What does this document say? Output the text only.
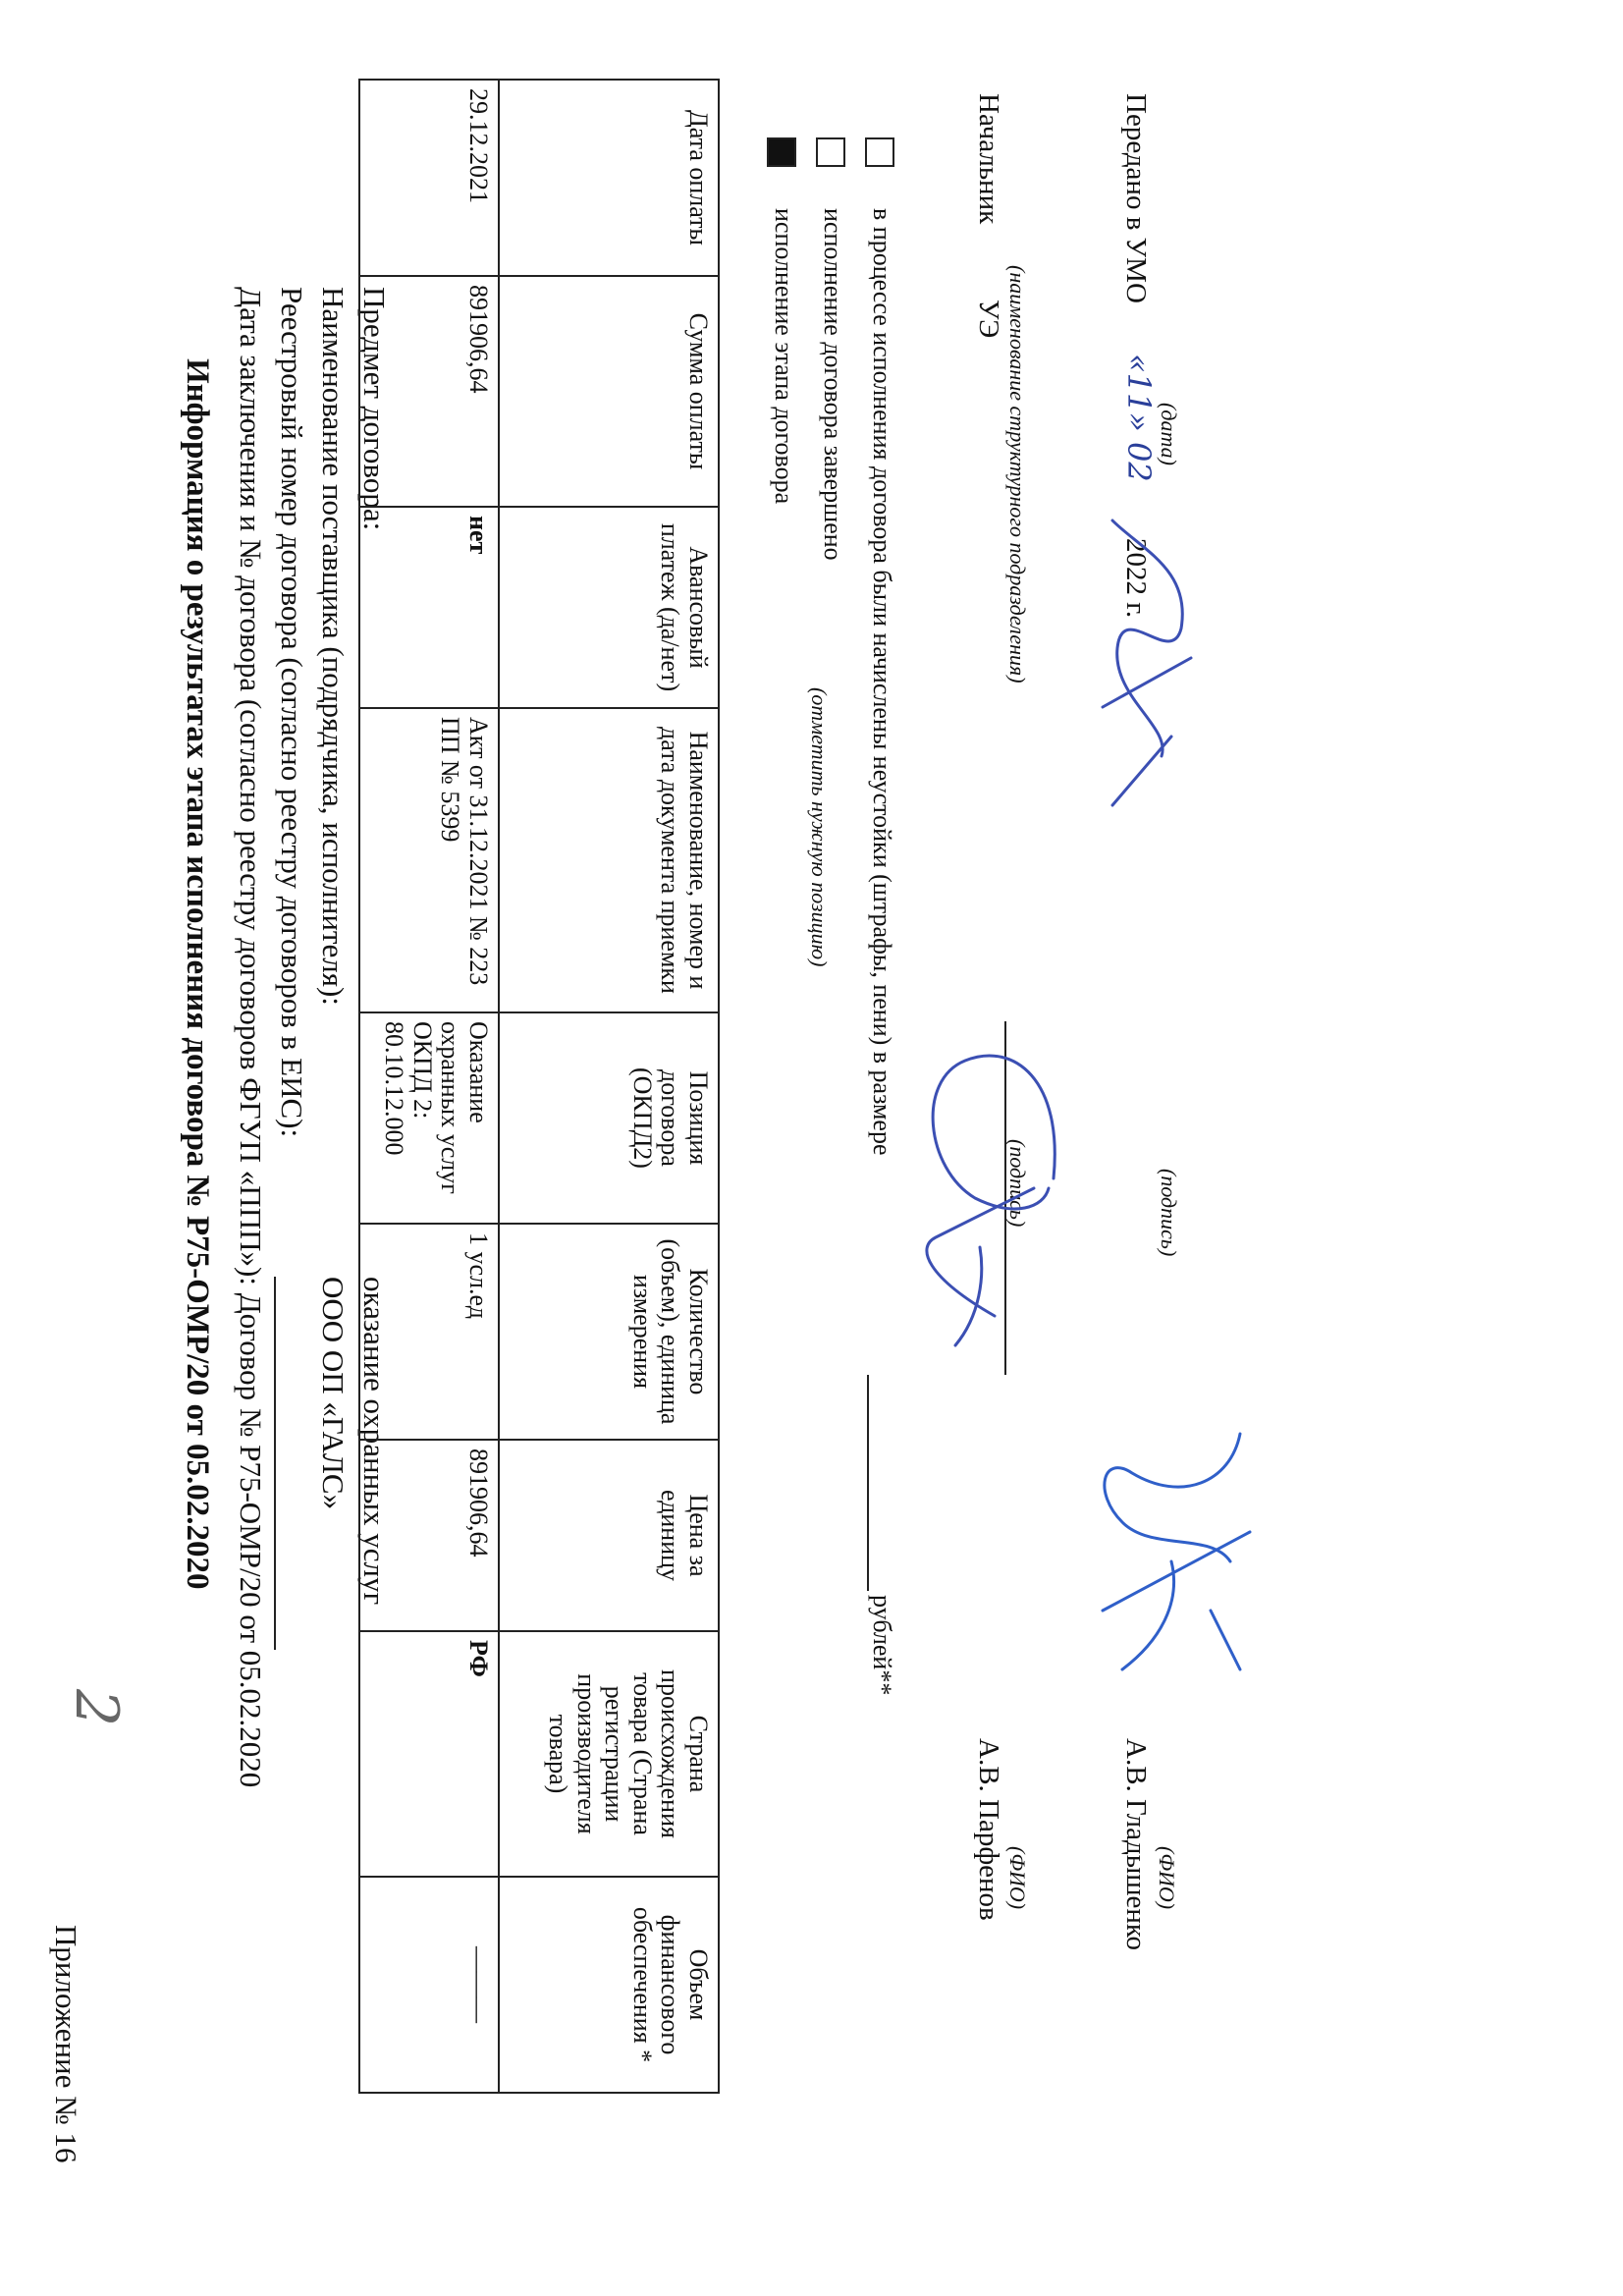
2
Приложение № 16
Информация о результатах этапа исполнения договора № Р75-ОМР/20 от 05.02.2020 Дата заключения и № договора (согласно реестру договоров ФГУП «ППП»): Договор № Р75-ОМР/20 от 05.02.2020
Реестровый номер договора (согласно реестру договоров в ЕИС): Наименование поставщика (подрядчика, исполнителя):
ООО ОП «ГАЛС»
Предмет договора:
оказание охранных услуг
Дата оплаты	Сумма оплаты	Авансовый платеж (да/нет)	Наименование, номер и дата документа приемки	Позиция договора (ОКПД2)	Количество (объем), единица измерения	Цена за единицу	Страна происхождения товара (Страна регистрации производителя товара)	Объем финансового обеспечения *
29.12.2021	891906,64	нет	Акт от 31.12.2021 № 223 ПП № 5399	Оказание охранных услуг ОКПД 2: 80.10.12.000	1 усл.ед	891906,64	РФ	———
исполнение этапа договора исполнение договора завершено
(отметить нужную позицию) в процессе исполнения договора были начислены неустойки (штрафы, пени) в размере
рублей**
Начальник
УЭ (наименование структурного подразделения)
(подпись)
А.В. Парфенов (ФИО)
Передано в УМО
«11» 02
2022 г.
(дата)
(подпись)
А.В. Гладышенко (ФИО)
